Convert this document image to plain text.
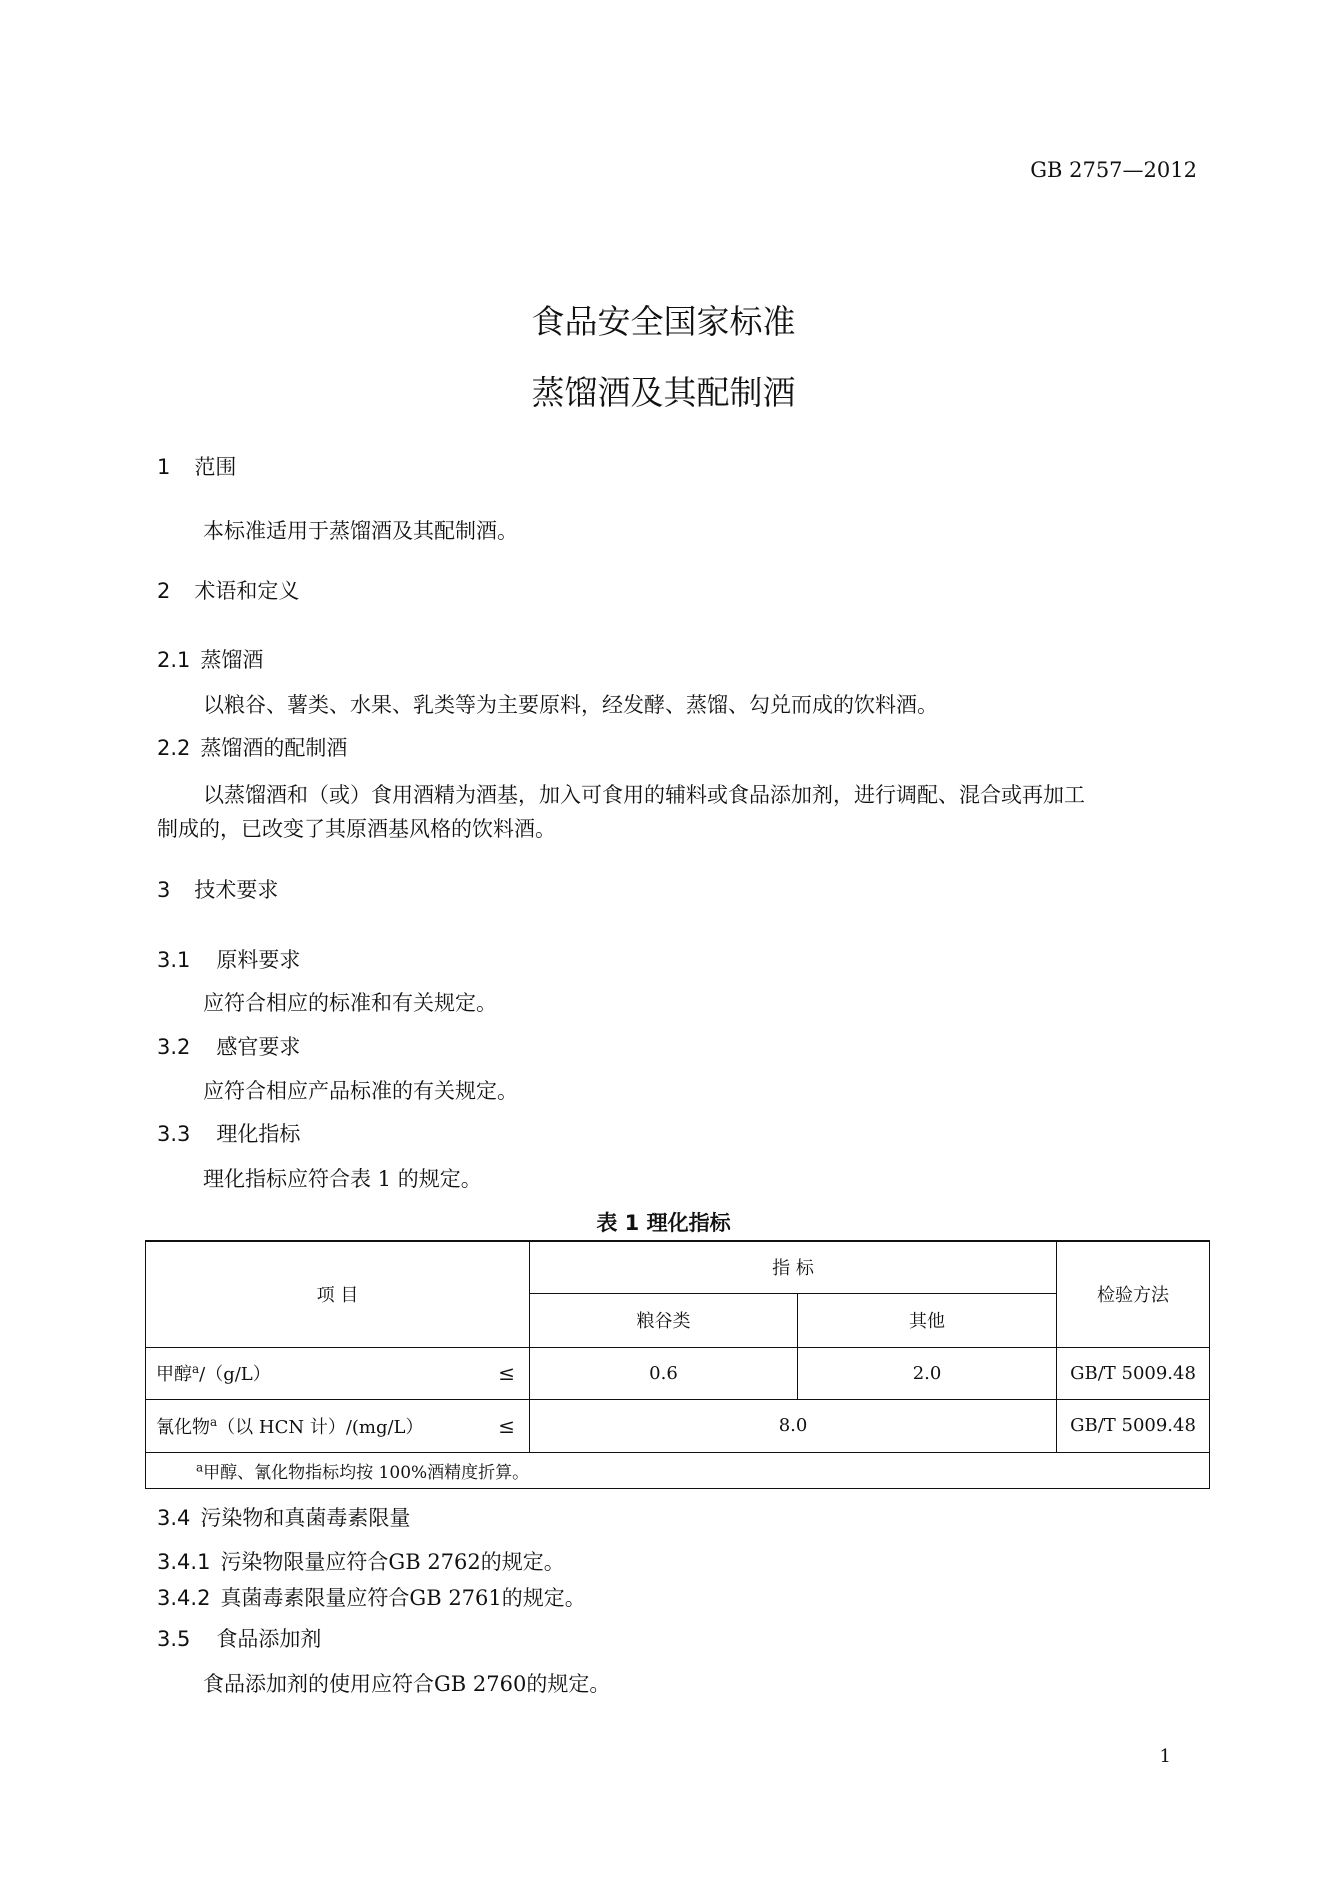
GB 2757—2012

食品安全国家标准

蒸馏酒及其配制酒

1 范围

本标准适用于蒸馏酒及其配制酒。

2 术语和定义

2.1 蒸馏酒

以粮谷、薯类、水果、乳类等为主要原料，经发酵、蒸馏、勾兑而成的饮料酒。

2.2 蒸馏酒的配制酒

以蒸馏酒和（或）食用酒精为酒基，加入可食用的辅料或食品添加剂，进行调配、混合或再加工

制成的，已改变了其原酒基风格的饮料酒。

3 技术要求

3.1 原料要求

应符合相应的标准和有关规定。

3.2 感官要求

应符合相应产品标准的有关规定。

3.3 理化指标

理化指标应符合表 1 的规定。

表 1 理化指标

项 目	指 标		检验方法
	粮谷类	其他	
甲醇$^a$/（g/L） ≤	0.6	2.0	GB/T 5009.48
氰化物$^a$（以 HCN 计）/(mg/L） ≤	8.0		GB/T 5009.48
$^a$甲醇、氰化物指标均按 100%酒精度折算。			

3.4 污染物和真菌毒素限量

3.4.1 污染物限量应符合GB 2762的规定。

3.4.2 真菌毒素限量应符合GB 2761的规定。

3.5 食品添加剂

食品添加剂的使用应符合GB 2760的规定。

1
